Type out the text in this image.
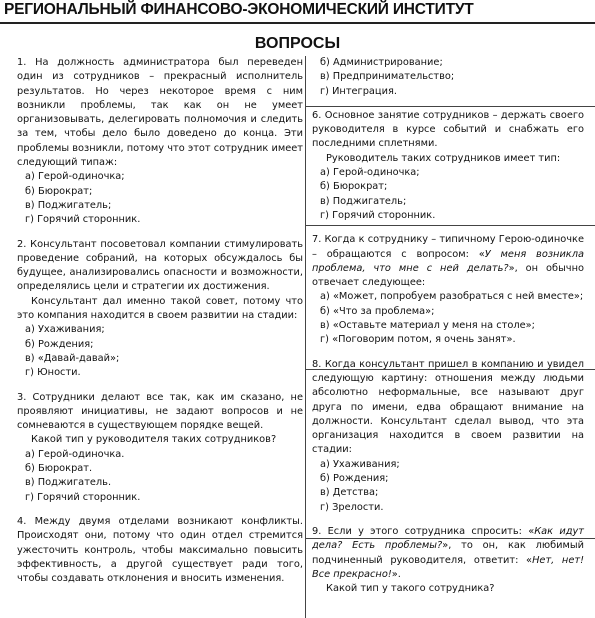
РЕГИОНАЛЬНЫЙ ФИНАНСОВО-ЭКОНОМИЧЕСКИЙ ИНСТИТУТ
ВОПРОСЫ

1. На должность администратора был переведен один из сотрудников – прекрасный исполнитель результатов. Но через некоторое время с ним возникли проблемы, так как он не умеет организовывать, делегировать полномочия и следить за тем, чтобы дело было доведено до конца. Эти проблемы возникли, потому что этот сотрудник имеет следующий типаж:

а) Герой-одиночка;

б) Бюрократ;

в) Поджигатель;

г) Горячий сторонник.

2. Консультант посоветовал компании стимулировать проведение собраний, на которых обсуждалось бы будущее, анализировались опасности и возможности, определялись цели и стратегии их достижения.

Консультант дал именно такой совет, потому что это компания находится в своем развитии на стадии:

а) Ухаживания;

б) Рождения;

в) «Давай-давай»;

г) Юности.

3. Сотрудники делают все так, как им сказано, не проявляют инициативы, не задают вопросов и не сомневаются в существующем порядке вещей.

Какой тип у руководителя таких сотрудников?

а) Герой-одиночка.

б) Бюрократ.

в) Поджигатель.

г) Горячий сторонник.

4. Между двумя отделами возникают конфликты. Происходят они, потому что один отдел стремится ужесточить контроль, чтобы максимально повысить эффективность, а другой существует ради того, чтобы создавать отклонения и вносить изменения.

б) Администрирование;

в) Предпринимательство;

г) Интеграция.

6. Основное занятие сотрудников – держать своего руководителя в курсе событий и снабжать его последними сплетнями.

Руководитель таких сотрудников имеет тип:

а) Герой-одиночка;

б) Бюрократ;

в) Поджигатель;

г) Горячий сторонник.

7. Когда к сотруднику – типичному Герою-одиночке – обращаются с вопросом: «У меня возникла проблема, что мне с ней делать?», он обычно отвечает следующее:

а) «Может, попробуем разобраться с ней вместе»;

б) «Что за проблема»;

в) «Оставьте материал у меня на столе»;

г) «Поговорим потом, я очень занят».

8. Когда консультант пришел в компанию и увидел следующую картину: отношения между людьми абсолютно неформальные, все называют друг друга по имени, едва обращают внимание на должности. Консультант сделал вывод, что эта организация находится в своем развитии на стадии:

а) Ухаживания;

б) Рождения;

в) Детства;

г) Зрелости.

9. Если у этого сотрудника спросить: «Как идут дела? Есть проблемы?», то он, как любимый подчиненный руководителя, ответит: «Нет, нет! Все прекрасно!».

Какой тип у такого сотрудника?
